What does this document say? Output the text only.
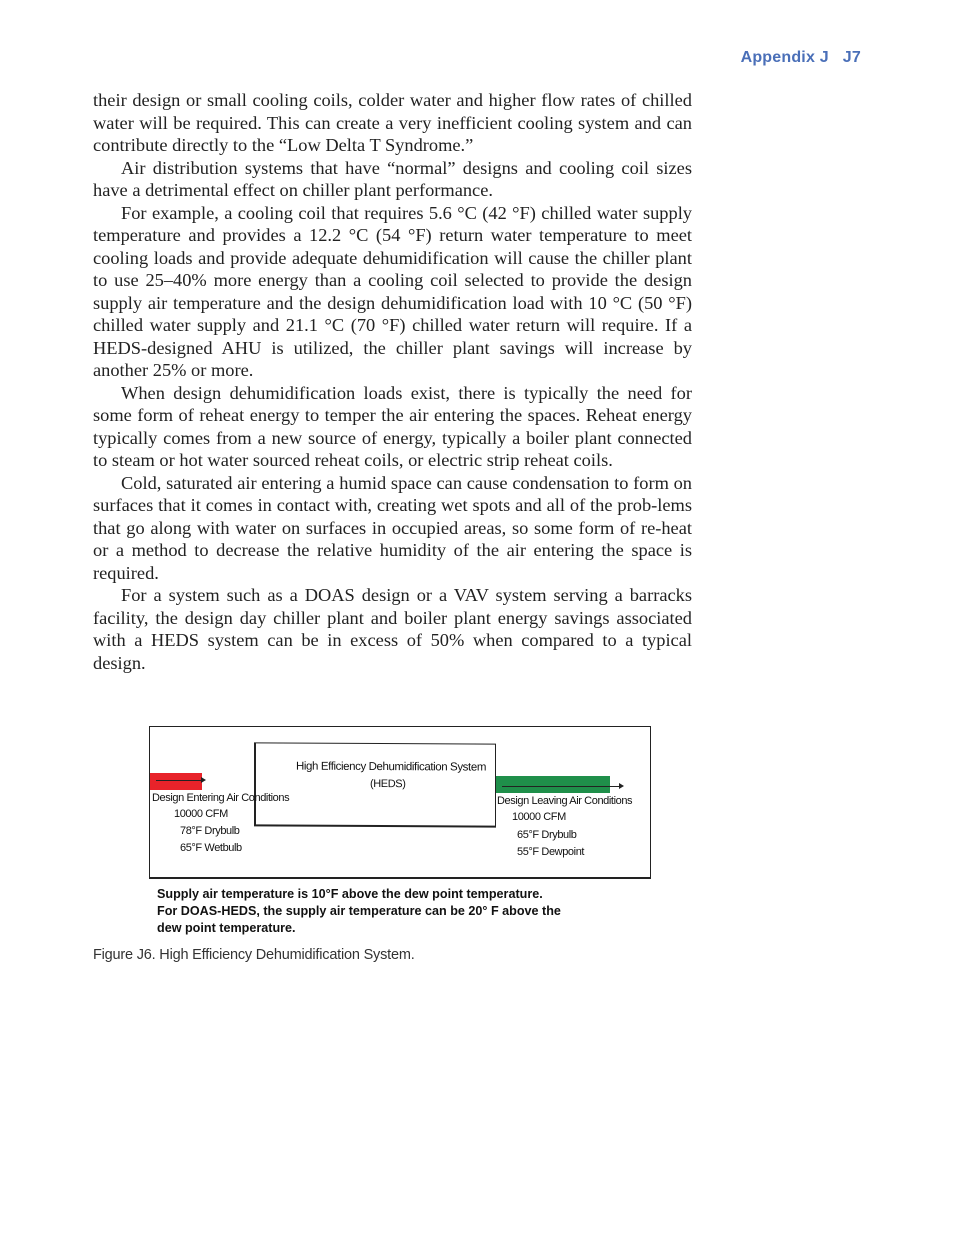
Appendix J J7

their design or small cooling coils, colder water and higher flow rates of chilled water will be required. This can create a very inefficient cooling system and can contribute directly to the “Low Delta T Syndrome.”

Air distribution systems that have “normal” designs and cooling coil sizes have a detrimental effect on chiller plant performance.

For example, a cooling coil that requires 5.6 °C (42 °F) chilled water supply temperature and provides a 12.2 °C (54 °F) return water temperature to meet cooling loads and provide adequate dehumidification will cause the chiller plant to use 25–40% more energy than a cooling coil selected to provide the design supply air temperature and the design dehumidification load with 10 °C (50 °F) chilled water supply and 21.1 °C (70 °F) chilled water return will require. If a HEDS-designed AHU is utilized, the chiller plant savings will increase by another 25% or more.

When design dehumidification loads exist, there is typically the need for some form of reheat energy to temper the air entering the spaces. Reheat energy typically comes from a new source of energy, typically a boiler plant connected to steam or hot water sourced reheat coils, or electric strip reheat coils.

Cold, saturated air entering a humid space can cause condensation to form on surfaces that it comes in contact with, creating wet spots and all of the prob-lems that go along with water on surfaces in occupied areas, so some form of re-heat or a method to decrease the relative humidity of the air entering the space is required.

For a system such as a DOAS design or a VAV system serving a barracks facility, the design day chiller plant and boiler plant energy savings associated with a HEDS system can be in excess of 50% when compared to a typical design.

High Efficiency Dehumidification System
(HEDS)
Design Entering Air Conditions
10000 CFM
78°F Drybulb
65°F Wetbulb
Design Leaving Air Conditions
10000 CFM
65°F Drybulb
55°F Dewpoint
Supply air temperature is 10°F above the dew point temperature.
For DOAS-HEDS, the supply air temperature can be 20° F above the
dew point temperature.
Figure J6. High Efficiency Dehumidification System.
